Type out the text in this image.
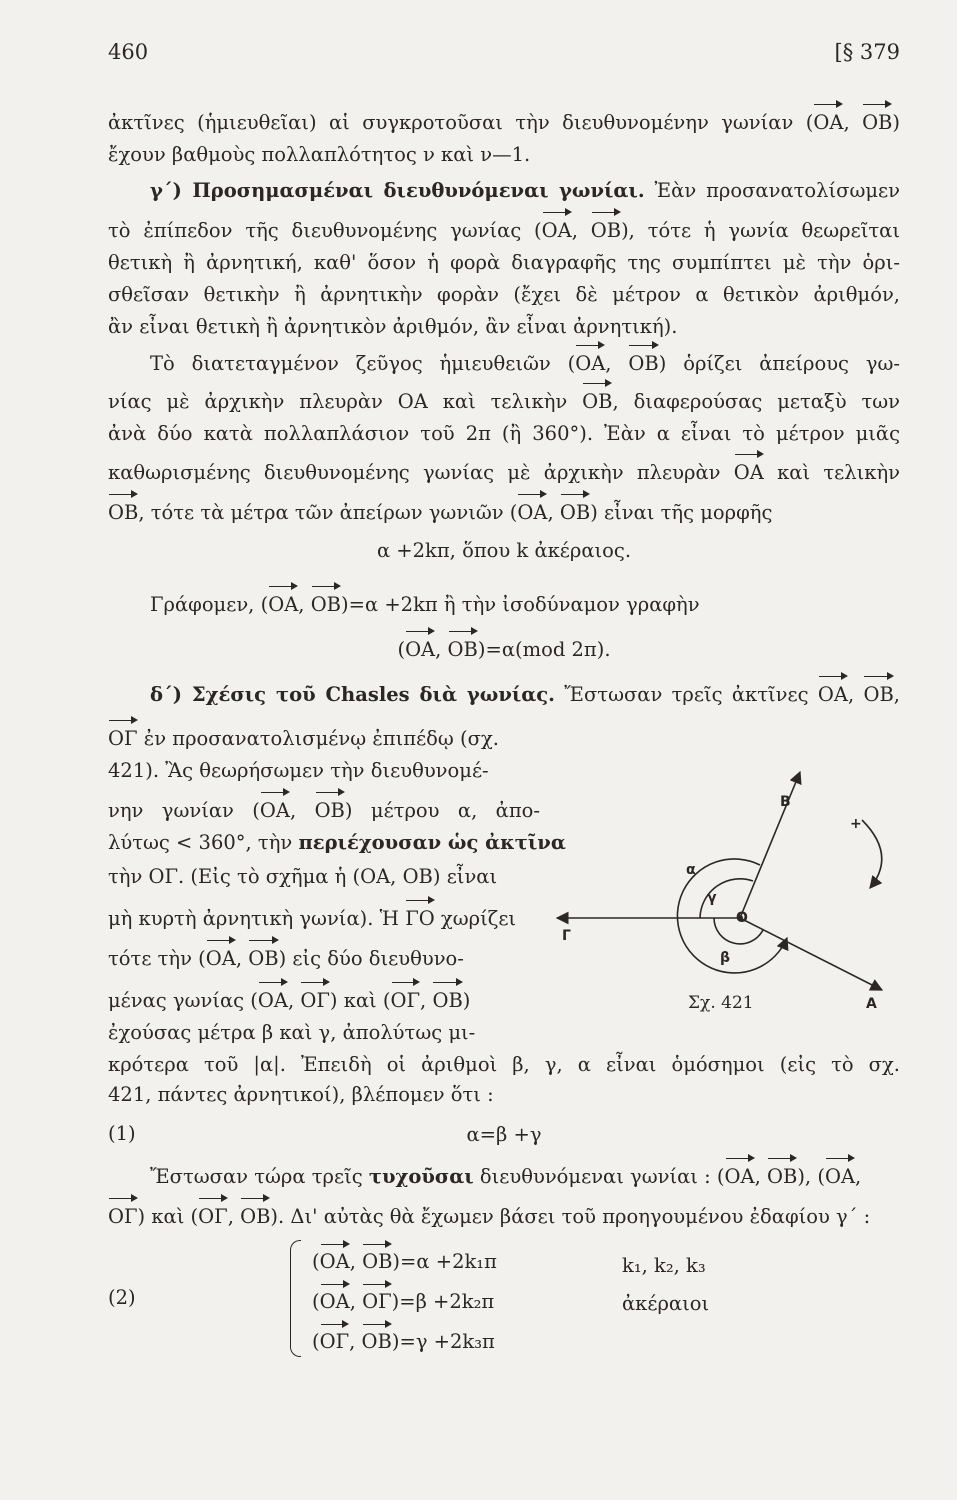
460	[§ 379
ἀκτῖνες (ἡμιευθεῖαι) αἱ συγκροτοῦσαι τὴν διευθυνομένην γωνίαν (ΟΑ, ΟΒ)
ἔχουν βαθμοὺς πολλαπλότητος ν καὶ ν—1.
γ΄) Προσημασμέναι διευθυνόμεναι γωνίαι. Ἐὰν προσανατολίσωμεν
τὸ ἐπίπεδον τῆς διευθυνομένης γωνίας (ΟΑ, ΟΒ), τότε ἡ γωνία θεωρεῖται
θετικὴ ἢ ἀρνητική, καθ' ὅσον ἡ φορὰ διαγραφῆς της συμπίπτει μὲ τὴν ὁρι-
σθεῖσαν θετικὴν ἢ ἀρνητικὴν φορὰν (ἔχει δὲ μέτρον α θετικὸν ἀριθμόν,
ἂν εἶναι θετικὴ ἢ ἀρνητικὸν ἀριθμόν, ἂν εἶναι ἀρνητική).
Τὸ διατεταγμένον ζεῦγος ἡμιευθειῶν (ΟΑ, ΟΒ) ὁρίζει ἀπείρους γω-
νίας μὲ ἀρχικὴν πλευρὰν ΟΑ καὶ τελικὴν ΟΒ, διαφερούσας μεταξὺ των
ἀνὰ δύο κατὰ πολλαπλάσιον τοῦ 2π (ἢ 360°). Ἐὰν α εἶναι τὸ μέτρον μιᾶς
καθωρισμένης διευθυνομένης γωνίας μὲ ἀρχικὴν πλευρὰν ΟΑ καὶ τελικὴν
ΟΒ, τότε τὰ μέτρα τῶν ἀπείρων γωνιῶν (ΟΑ, ΟΒ) εἶναι τῆς μορφῆς
α +2kπ, ὅπου k ἀκέραιος.
Γράφομεν, (ΟΑ, ΟΒ)=α +2kπ ἢ τὴν ἰσοδύναμον γραφὴν
(ΟΑ, ΟΒ)=α(mod 2π).
δ΄) Σχέσις τοῦ Chasles διὰ γωνίας. Ἔστωσαν τρεῖς ἀκτῖνες ΟΑ, ΟΒ,
ΟΓ ἐν προσανατολισμένῳ ἐπιπέδῳ (σχ.
421). Ἂς θεωρήσωμεν τὴν διευθυνομέ-
νην γωνίαν (ΟΑ, ΟΒ) μέτρου α, ἀπο-
λύτως < 360°, τὴν περιέχουσαν ὡς ἀκτῖνα
τὴν ΟΓ. (Εἰς τὸ σχῆμα ἡ (ΟΑ, ΟΒ) εἶναι
μὴ κυρτὴ ἀρνητικὴ γωνία). Ἡ ΓΟ χωρίζει
τότε τὴν (ΟΑ, ΟΒ) εἰς δύο διευθυνο-
μένας γωνίας (ΟΑ, ΟΓ) καὶ (ΟΓ, ΟΒ)
ἐχούσας μέτρα β καὶ γ, ἀπολύτως μι-
κρότερα τοῦ |α|. Ἐπειδὴ οἱ ἀριθμοὶ β, γ, α εἶναι ὁμόσημοι (εἰς τὸ σχ.
421, πάντες ἀρνητικοί), βλέπομεν ὅτι :
(1)	α=β +γ
Ἔστωσαν τώρα τρεῖς τυχοῦσαι διευθυνόμεναι γωνίαι : (ΟΑ, ΟΒ), (ΟΑ,
ΟΓ) καὶ (ΟΓ, ΟΒ). Δι' αὐτὰς θὰ ἔχωμεν βάσει τοῦ προηγουμένου ἐδαφίου γ΄ :
(2)
(ΟΑ, ΟΒ)=α +2k₁π
(ΟΑ, ΟΓ)=β +2k₂π
(ΟΓ, ΟΒ)=γ +2k₃π
k₁, k₂, k₃
ἀκέραιοι
Β
Α
Ο
Γ
α
β
γ
+
Σχ. 421
